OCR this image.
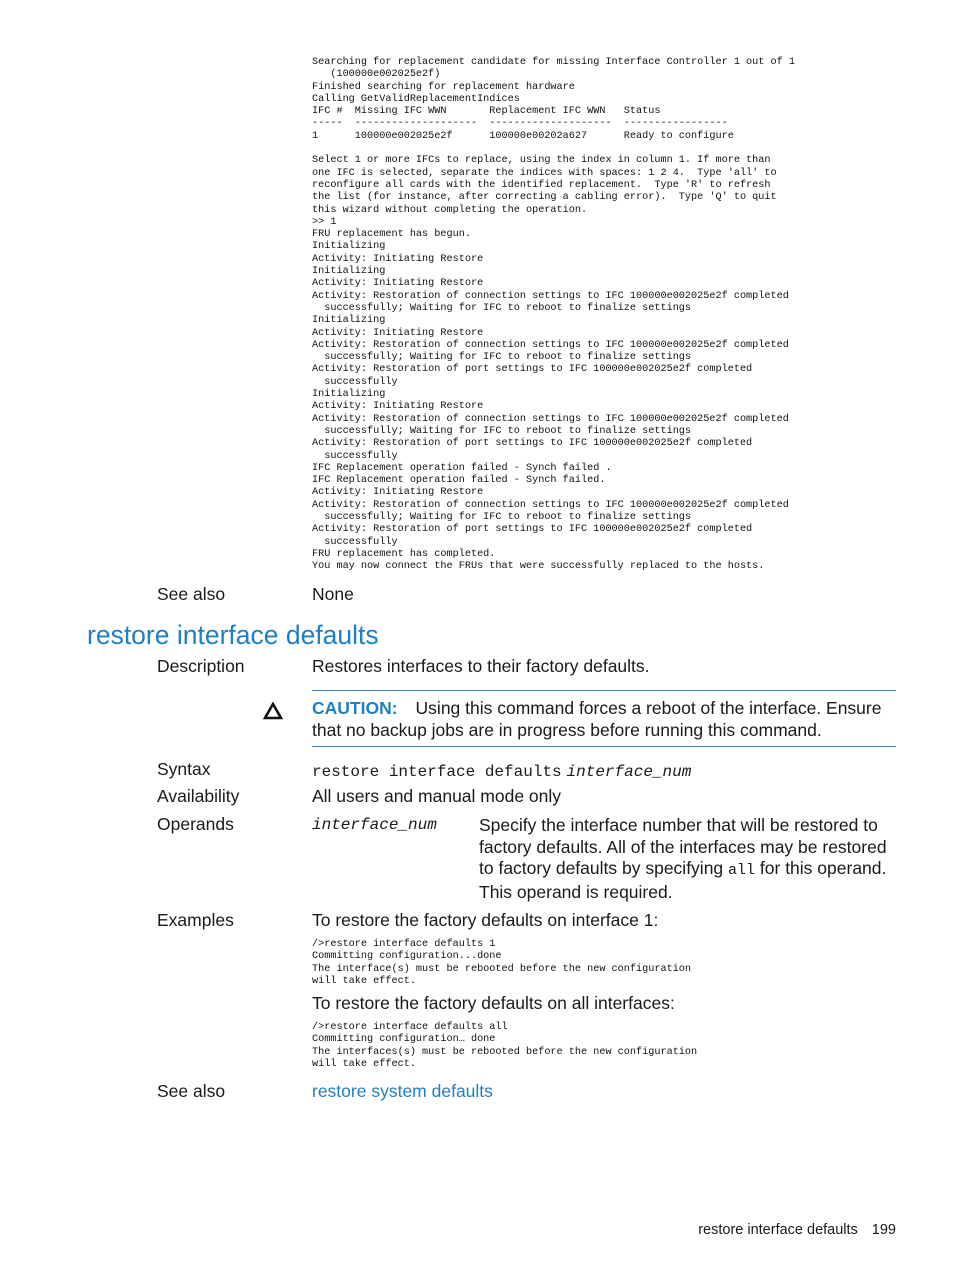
Searching for replacement candidate for missing Interface Controller 1 out of 1
(100000e002025e2f)
Finished searching for replacement hardware
Calling GetValidReplacementIndices
IFC #  Missing IFC WWN       Replacement IFC WWN   Status
-----  --------------------  --------------------  -----------------
1      100000e002025e2f      100000e00202a627      Ready to configure

Select 1 or more IFCs to replace, using the index in column 1. If more than
one IFC is selected, separate the indices with spaces: 1 2 4.  Type 'all' to
reconfigure all cards with the identified replacement.  Type 'R' to refresh
the list (for instance, after correcting a cabling error).  Type 'Q' to quit
this wizard without completing the operation.
>> 1
FRU replacement has begun.
Initializing
Activity: Initiating Restore
Initializing
Activity: Initiating Restore
Activity: Restoration of connection settings to IFC 100000e002025e2f completed
successfully; Waiting for IFC to reboot to finalize settings
Initializing
Activity: Initiating Restore
Activity: Restoration of connection settings to IFC 100000e002025e2f completed
successfully; Waiting for IFC to reboot to finalize settings
Activity: Restoration of port settings to IFC 100000e002025e2f completed
successfully
Initializing
Activity: Initiating Restore
Activity: Restoration of connection settings to IFC 100000e002025e2f completed
successfully; Waiting for IFC to reboot to finalize settings
Activity: Restoration of port settings to IFC 100000e002025e2f completed
successfully
IFC Replacement operation failed - Synch failed .
IFC Replacement operation failed - Synch failed.
Activity: Initiating Restore
Activity: Restoration of connection settings to IFC 100000e002025e2f completed
successfully; Waiting for IFC to reboot to finalize settings
Activity: Restoration of port settings to IFC 100000e002025e2f completed
successfully
FRU replacement has completed.
You may now connect the FRUs that were successfully replaced to the hosts.
See also	None
restore interface defaults
Description	Restores interfaces to their factory defaults.
CAUTION: Using this command forces a reboot of the interface. Ensure that no backup jobs are in progress before running this command.
Syntax	restore interface defaults interface_num
Availability	All users and manual mode only
Operands	interface_num Specify the interface number that will be restored to factory defaults. All of the interfaces may be restored to factory defaults by specifying all for this operand. This operand is required.
Examples	To restore the factory defaults on interface 1:
/>restore interface defaults 1
Committing configuration...done
The interface(s) must be rebooted before the new configuration
will take effect.
To restore the factory defaults on all interfaces:
/>restore interface defaults all
Committing configuration… done
The interfaces(s) must be rebooted before the new configuration
will take effect.
See also	restore system defaults
restore interface defaults 199
